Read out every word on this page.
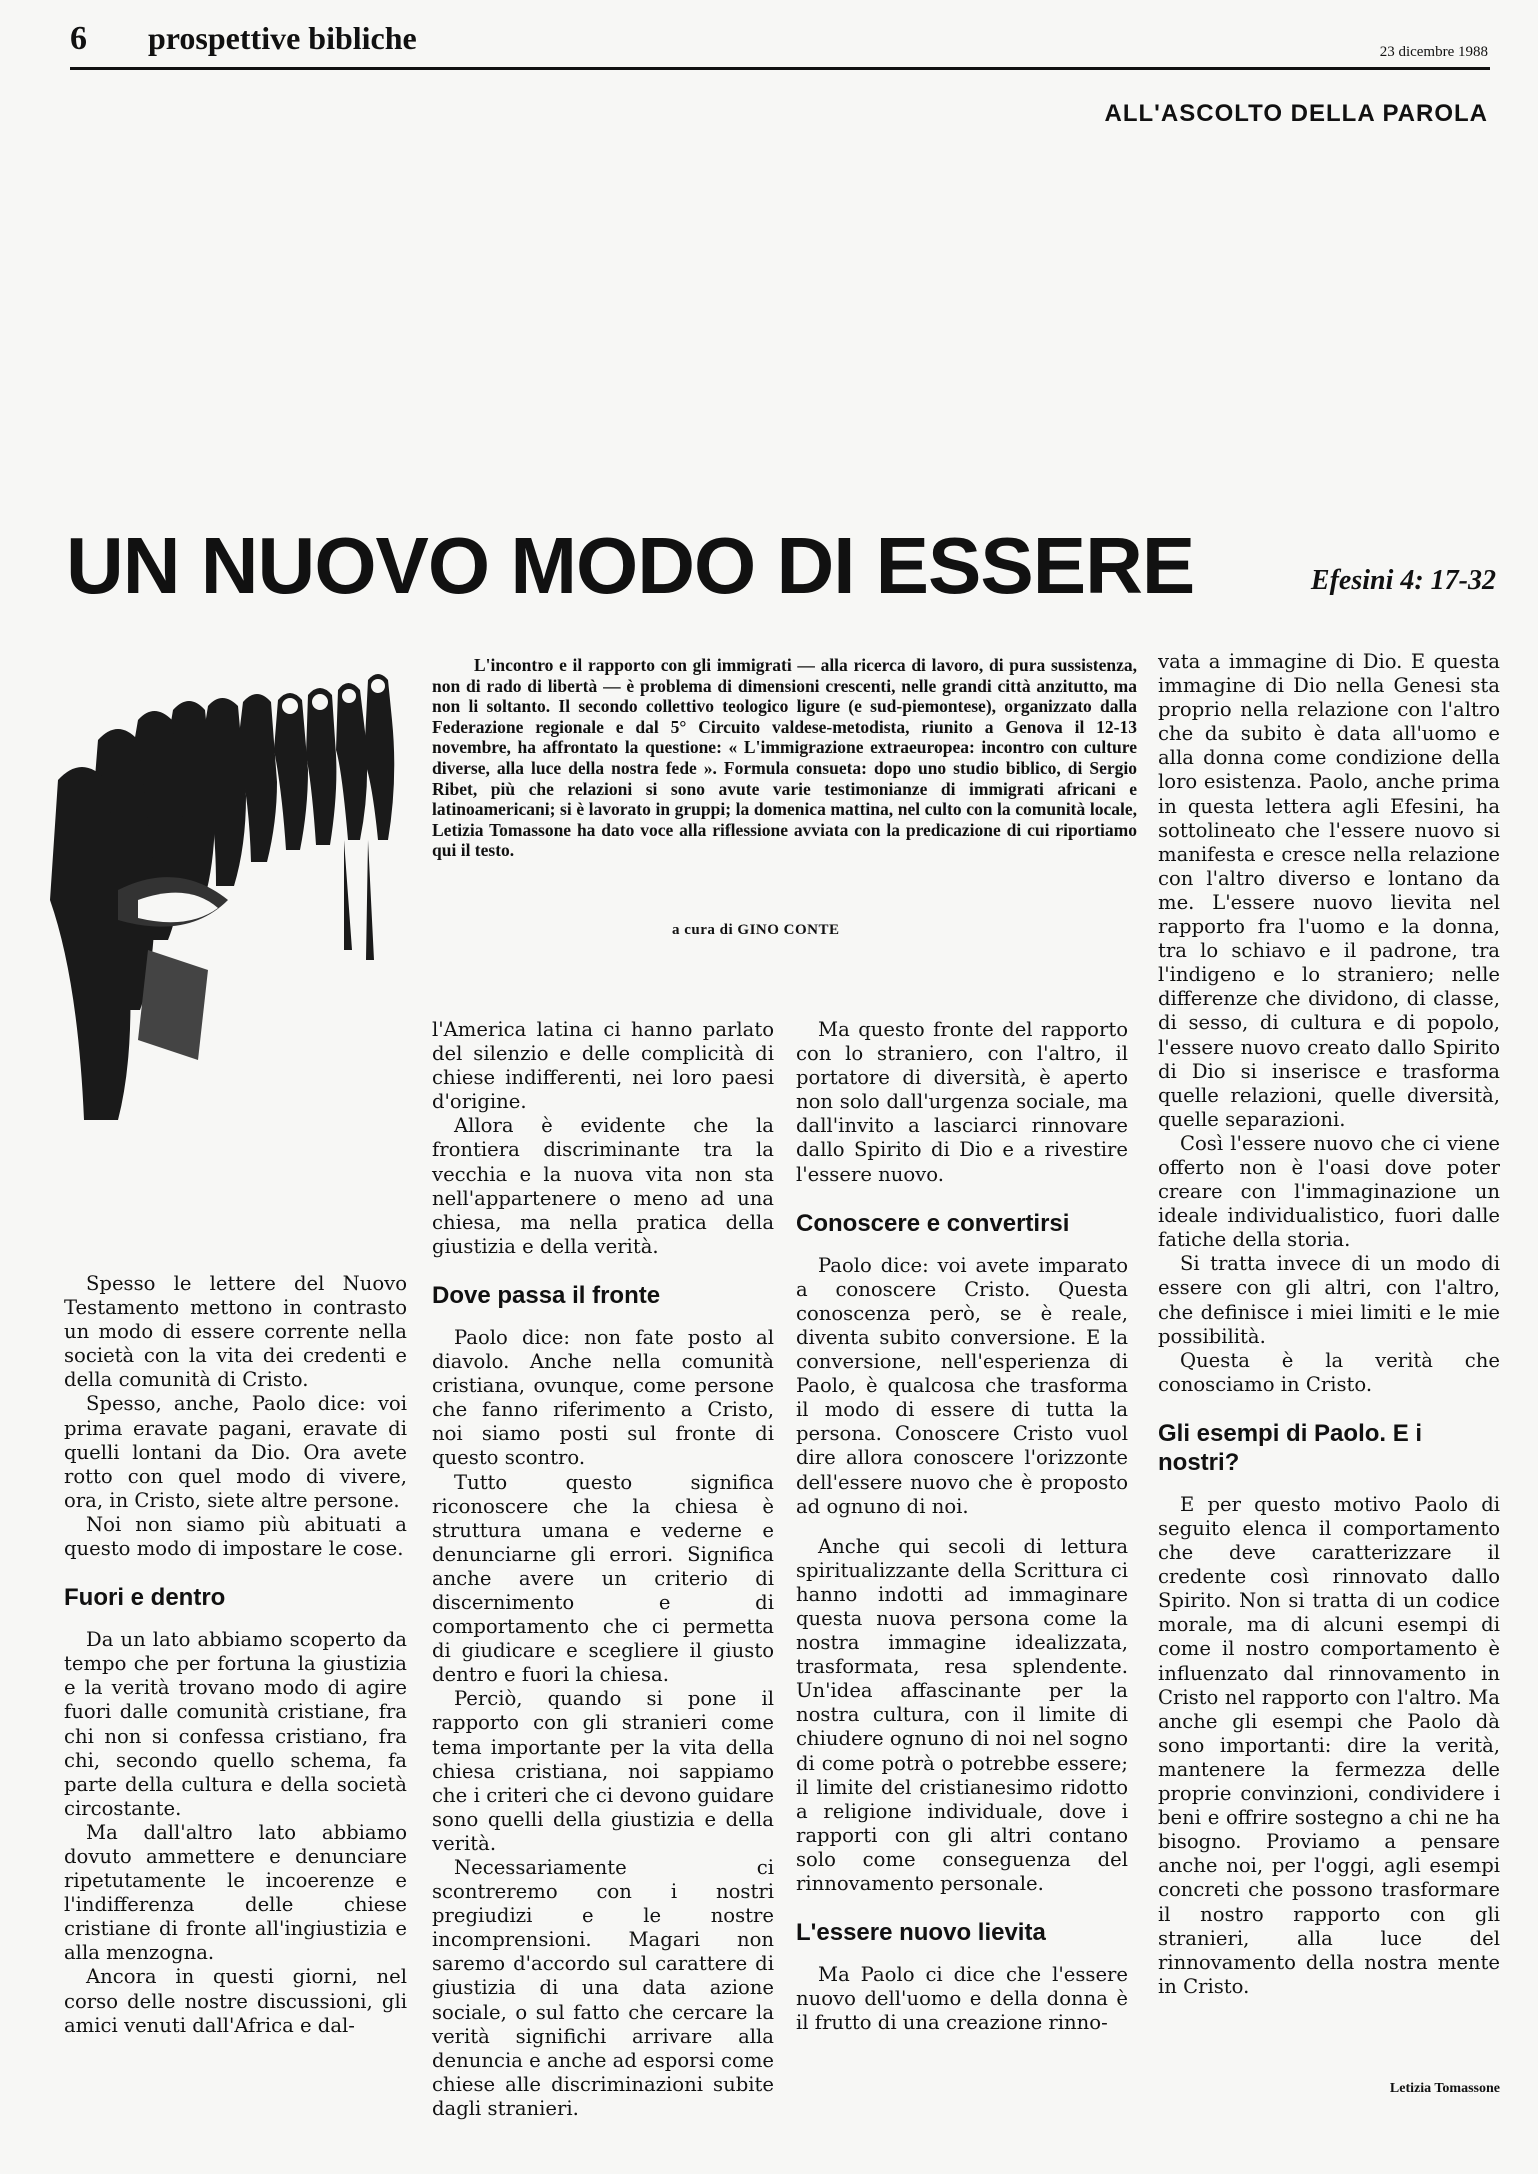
6 prospettive bibliche	23 dicembre 1988
ALL'ASCOLTO DELLA PAROLA
UN NUOVO MODO DI ESSERE	Efesini 4: 17-32
L'incontro e il rapporto con gli immigrati — alla ricerca di lavoro, di pura sussistenza, non di rado di libertà — è problema di dimensioni crescenti, nelle grandi città anzitutto, ma non li soltanto. Il secondo collettivo teologico ligure (e sud-piemontese), organizzato dalla Federazione regionale e dal 5° Circuito valdese-metodista, riunito a Genova il 12-13 novembre, ha affrontato la questione: « L'immigrazione extraeuropea: incontro con culture diverse, alla luce della nostra fede ». Formula consueta: dopo uno studio biblico, di Sergio Ribet, più che relazioni si sono avute varie testimonianze di immigrati africani e latinoamericani; si è lavorato in gruppi; la domenica mattina, nel culto con la comunità locale, Letizia Tomassone ha dato voce alla riflessione avviata con la predicazione di cui riportiamo qui il testo.
a cura di GINO CONTE

Spesso le lettere del Nuovo Testamento mettono in contrasto un modo di essere corrente nella società con la vita dei credenti e della comunità di Cristo.

Spesso, anche, Paolo dice: voi prima eravate pagani, eravate di quelli lontani da Dio. Ora avete rotto con quel modo di vivere, ora, in Cristo, siete altre persone.

Noi non siamo più abituati a questo modo di impostare le cose.

Fuori e dentro

Da un lato abbiamo scoperto da tempo che per fortuna la giustizia e la verità trovano modo di agire fuori dalle comunità cristiane, fra chi non si confessa cristiano, fra chi, secondo quello schema, fa parte della cultura e della società circostante.

Ma dall'altro lato abbiamo dovuto ammettere e denunciare ripetutamente le incoerenze e l'indifferenza delle chiese cristiane di fronte all'ingiustizia e alla menzogna.

Ancora in questi giorni, nel corso delle nostre discussioni, gli amici venuti dall'Africa e dal-

l'America latina ci hanno parlato del silenzio e delle complicità di chiese indifferenti, nei loro paesi d'origine.

Allora è evidente che la frontiera discriminante tra la vecchia e la nuova vita non sta nell'appartenere o meno ad una chiesa, ma nella pratica della giustizia e della verità.

Dove passa il fronte

Paolo dice: non fate posto al diavolo. Anche nella comunità cristiana, ovunque, come persone che fanno riferimento a Cristo, noi siamo posti sul fronte di questo scontro.

Tutto questo significa riconoscere che la chiesa è struttura umana e vederne e denunciarne gli errori. Significa anche avere un criterio di discernimento e di comportamento che ci permetta di giudicare e scegliere il giusto dentro e fuori la chiesa.

Perciò, quando si pone il rapporto con gli stranieri come tema importante per la vita della chiesa cristiana, noi sappiamo che i criteri che ci devono guidare sono quelli della giustizia e della verità.

Necessariamente ci scontreremo con i nostri pregiudizi e le nostre incomprensioni. Magari non saremo d'accordo sul carattere di giustizia di una data azione sociale, o sul fatto che cercare la verità significhi arrivare alla denuncia e anche ad esporsi come chiese alle discriminazioni subite dagli stranieri.

Ma questo fronte del rapporto con lo straniero, con l'altro, il portatore di diversità, è aperto non solo dall'urgenza sociale, ma dall'invito a lasciarci rinnovare dallo Spirito di Dio e a rivestire l'essere nuovo.

Conoscere e convertirsi

Paolo dice: voi avete imparato a conoscere Cristo. Questa conoscenza però, se è reale, diventa subito conversione. E la conversione, nell'esperienza di Paolo, è qualcosa che trasforma il modo di essere di tutta la persona. Conoscere Cristo vuol dire allora conoscere l'orizzonte dell'essere nuovo che è proposto ad ognuno di noi.

Anche qui secoli di lettura spiritualizzante della Scrittura ci hanno indotti ad immaginare questa nuova persona come la nostra immagine idealizzata, trasformata, resa splendente. Un'idea affascinante per la nostra cultura, con il limite di chiudere ognuno di noi nel sogno di come potrà o potrebbe essere; il limite del cristianesimo ridotto a religione individuale, dove i rapporti con gli altri contano solo come conseguenza del rinnovamento personale.

L'essere nuovo lievita

Ma Paolo ci dice che l'essere nuovo dell'uomo e della donna è il frutto di una creazione rinno-

vata a immagine di Dio. E questa immagine di Dio nella Genesi sta proprio nella relazione con l'altro che da subito è data all'uomo e alla donna come condizione della loro esistenza. Paolo, anche prima in questa lettera agli Efesini, ha sottolineato che l'essere nuovo si manifesta e cresce nella relazione con l'altro diverso e lontano da me. L'essere nuovo lievita nel rapporto fra l'uomo e la donna, tra lo schiavo e il padrone, tra l'indigeno e lo straniero; nelle differenze che dividono, di classe, di sesso, di cultura e di popolo, l'essere nuovo creato dallo Spirito di Dio si inserisce e trasforma quelle relazioni, quelle diversità, quelle separazioni.

Così l'essere nuovo che ci viene offerto non è l'oasi dove poter creare con l'immaginazione un ideale individualistico, fuori dalle fatiche della storia.

Si tratta invece di un modo di essere con gli altri, con l'altro, che definisce i miei limiti e le mie possibilità.

Questa è la verità che conosciamo in Cristo.

Gli esempi di Paolo. E i nostri?

E per questo motivo Paolo di seguito elenca il comportamento che deve caratterizzare il credente così rinnovato dallo Spirito. Non si tratta di un codice morale, ma di alcuni esempi di come il nostro comportamento è influenzato dal rinnovamento in Cristo nel rapporto con l'altro. Ma anche gli esempi che Paolo dà sono importanti: dire la verità, mantenere la fermezza delle proprie convinzioni, condividere i beni e offrire sostegno a chi ne ha bisogno. Proviamo a pensare anche noi, per l'oggi, agli esempi concreti che possono trasformare il nostro rapporto con gli stranieri, alla luce del rinnovamento della nostra mente in Cristo.

Letizia Tomassone
